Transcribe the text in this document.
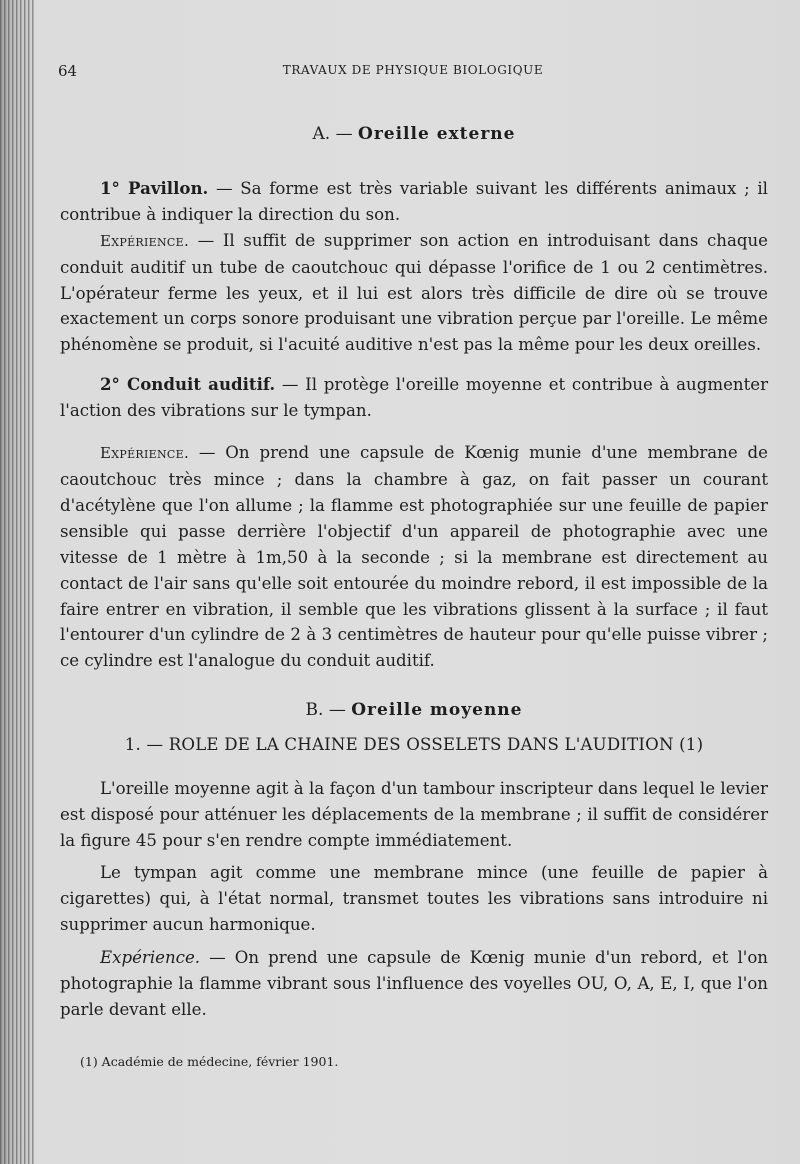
64	TRAVAUX DE PHYSIQUE BIOLOGIQUE
A. — Oreille externe

1° Pavillon. — Sa forme est très variable suivant les différents animaux ; il contribue à indiquer la direction du son.

Expérience. — Il suffit de supprimer son action en introduisant dans chaque conduit auditif un tube de caoutchouc qui dépasse l'orifice de 1 ou 2 centimètres. L'opérateur ferme les yeux, et il lui est alors très difficile de dire où se trouve exactement un corps sonore produisant une vibration perçue par l'oreille. Le même phénomène se produit, si l'acuité auditive n'est pas la même pour les deux oreilles.

2° Conduit auditif. — Il protège l'oreille moyenne et contribue à augmenter l'action des vibrations sur le tympan.

Expérience. — On prend une capsule de Kœnig munie d'une membrane de caoutchouc très mince ; dans la chambre à gaz, on fait passer un courant d'acétylène que l'on allume ; la flamme est photographiée sur une feuille de papier sensible qui passe derrière l'objectif d'un appareil de photographie avec une vitesse de 1 mètre à 1m,50 à la seconde ; si la membrane est directement au contact de l'air sans qu'elle soit entourée du moindre rebord, il est impossible de la faire entrer en vibration, il semble que les vibrations glissent à la surface ; il faut l'entourer d'un cylindre de 2 à 3 centimètres de hauteur pour qu'elle puisse vibrer ; ce cylindre est l'analogue du conduit auditif.

B. — Oreille moyenne
1. — ROLE DE LA CHAINE DES OSSELETS DANS L'AUDITION (1)

L'oreille moyenne agit à la façon d'un tambour inscripteur dans lequel le levier est disposé pour atténuer les déplacements de la membrane ; il suffit de considérer la figure 45 pour s'en rendre compte immédiatement.

Le tympan agit comme une membrane mince (une feuille de papier à cigarettes) qui, à l'état normal, transmet toutes les vibrations sans introduire ni supprimer aucun harmonique.

Expérience. — On prend une capsule de Kœnig munie d'un rebord, et l'on photographie la flamme vibrant sous l'influence des voyelles OU, O, A, E, I, que l'on parle devant elle.

(1) Académie de médecine, février 1901.
